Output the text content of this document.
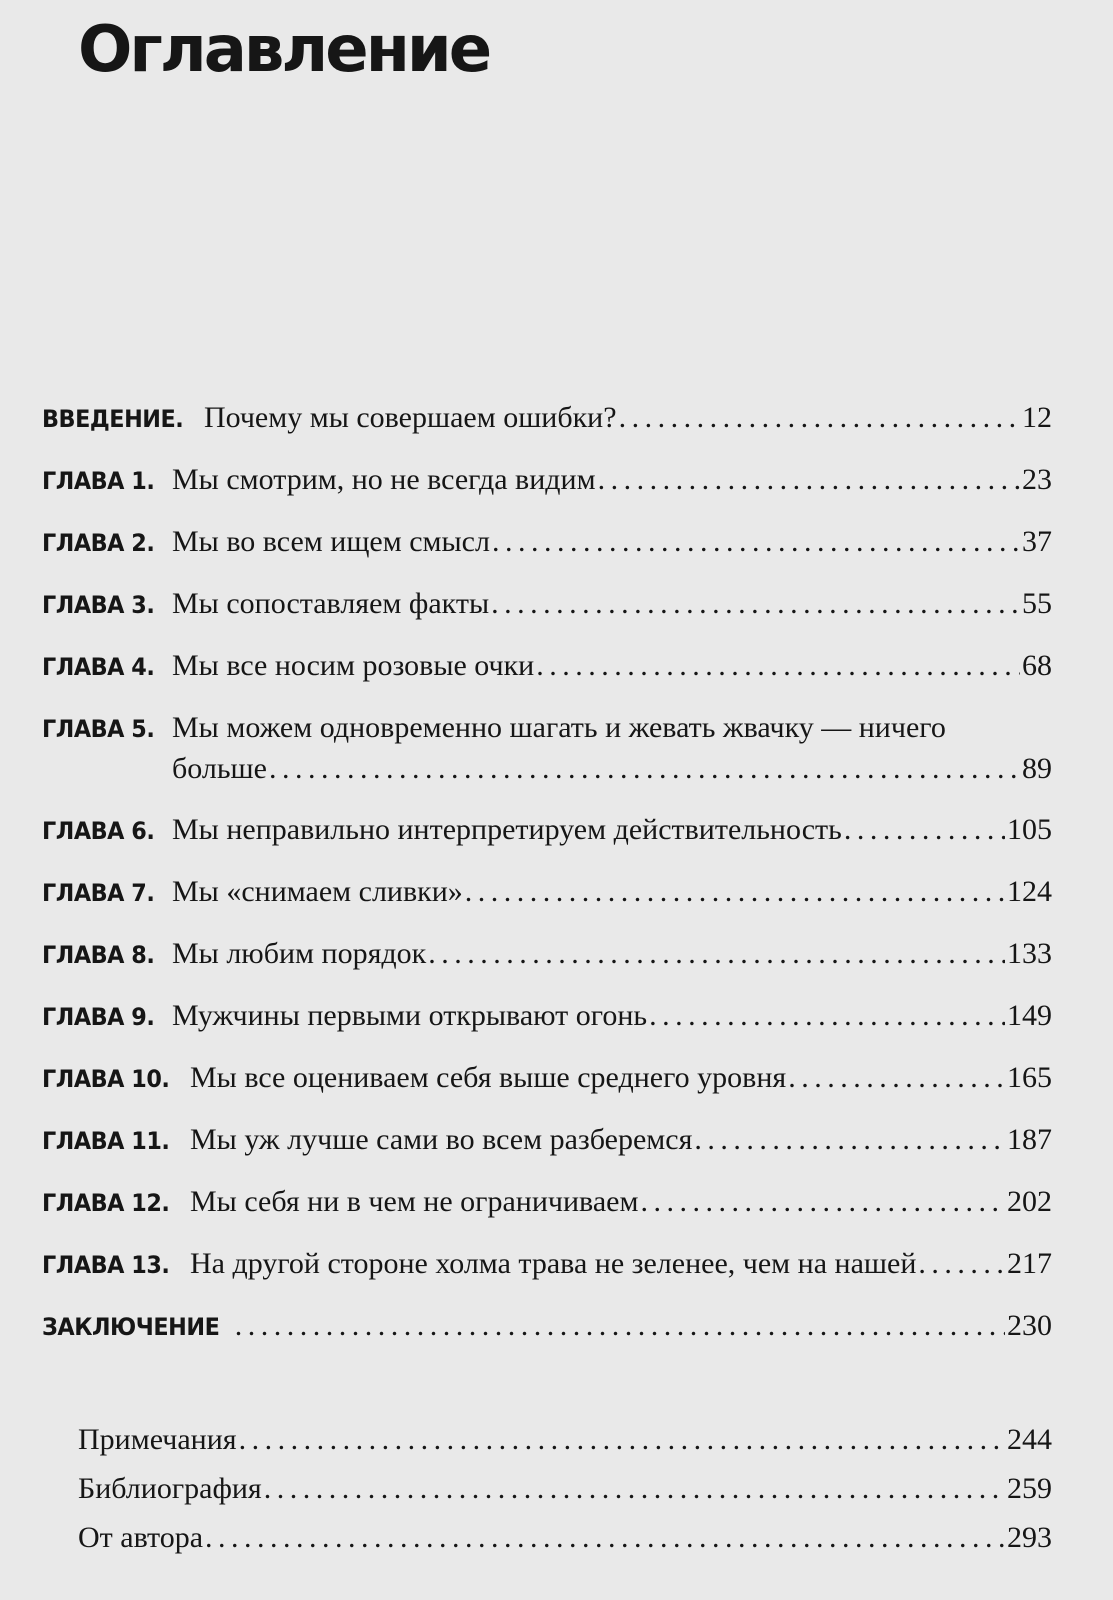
Оглавление
ВВЕДЕНИЕ. Почему мы совершаем ошибки? . . .	12
ГЛАВА 1. Мы смотрим, но не всегда видим . . .	23
ГЛАВА 2. Мы во всем ищем смысл . . .	37
ГЛАВА 3. Мы сопоставляем факты . . .	55
ГЛАВА 4. Мы все носим розовые очки . . .	68
ГЛАВА 5. Мы можем одновременно шагать и жевать жвачку — ничего
больше . . .	89
ГЛАВА 6. Мы неправильно интерпретируем действительность . . .	105
ГЛАВА 7. Мы «снимаем сливки» . . .	124
ГЛАВА 8. Мы любим порядок . . .	133
ГЛАВА 9. Мужчины первыми открывают огонь . . .	149
ГЛАВА 10. Мы все оцениваем себя выше среднего уровня . . .	165
ГЛАВА 11. Мы уж лучше сами во всем разберемся . . .	187
ГЛАВА 12. Мы себя ни в чем не ограничиваем . . .	202
ГЛАВА 13. На другой стороне холма трава не зеленее, чем на нашей . . .	217
ЗАКЛЮЧЕНИЕ . . .	230
Примечания . . .	244
Библиография . . .	259
От автора . . .	293
